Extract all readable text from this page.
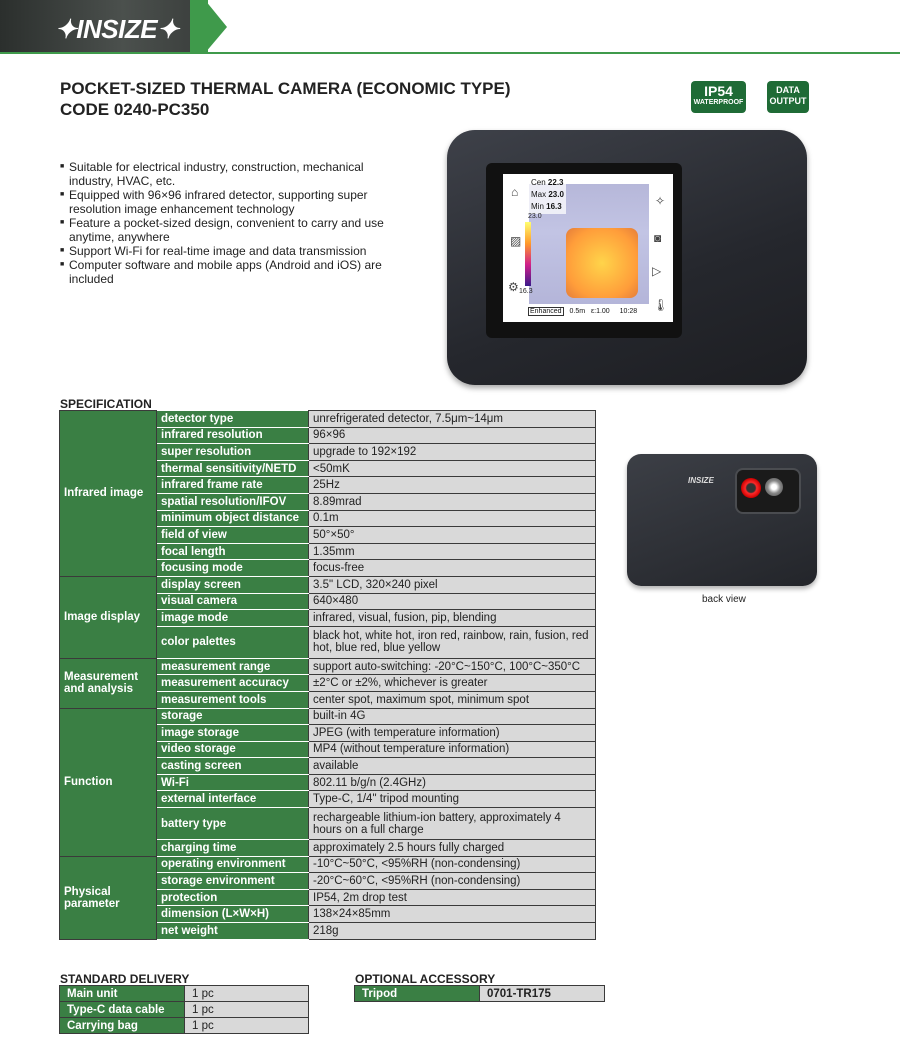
✦INSIZE✦
POCKET-SIZED THERMAL CAMERA (ECONOMIC TYPE)
CODE 0240-PC350
IP54
WATERPROOF
DATA
OUTPUT
■ Suitable for electrical industry, construction, mechanical industry, HVAC, etc.
■ Equipped with 96×96 infrared detector, supporting super resolution image enhancement technology
■ Feature a pocket-sized design, convenient to carry and use anytime, anywhere
■ Support Wi-Fi for real-time image and data transmission
■ Computer software and mobile apps (Android and iOS) are included
Cen 22.3
Max 23.0
Min 16.3
23.0
16.3
Enhanced 0.5m ε:1.00 10:28
⌂
▨
⚙
✧
◙
▷
🌡
INSIZE
back view
SPECIFICATION
Infrared image	detector type	unrefrigerated detector, 7.5μm~14μm
	infrared resolution	96×96
	super resolution	upgrade to 192×192
	thermal sensitivity/NETD	<50mK
	infrared frame rate	25Hz
	spatial resolution/IFOV	8.89mrad
	minimum object distance	0.1m
	field of view	50°×50°
	focal length	1.35mm
	focusing mode	focus-free
Image display	display screen	3.5" LCD, 320×240 pixel
	visual camera	640×480
	image mode	infrared, visual, fusion, pip, blending
	color palettes	black hot, white hot, iron red, rainbow, rain, fusion, red hot, blue red, blue yellow
Measurement and analysis	measurement range	support auto-switching: -20°C~150°C, 100°C~350°C
	measurement accuracy	±2°C or ±2%, whichever is greater
	measurement tools	center spot, maximum spot, minimum spot
Function	storage	built-in 4G
	image storage	JPEG (with temperature information)
	video storage	MP4 (without temperature information)
	casting screen	available
	Wi-Fi	802.11 b/g/n (2.4GHz)
	external interface	Type-C, 1/4" tripod mounting
	battery type	rechargeable lithium-ion battery, approximately 4 hours on a full charge
	charging time	approximately 2.5 hours fully charged
Physical parameter	operating environment	-10°C~50°C, <95%RH (non-condensing)
	storage environment	-20°C~60°C, <95%RH (non-condensing)
	protection	IP54, 2m drop test
	dimension (L×W×H)	138×24×85mm
	net weight	218g
STANDARD DELIVERY
Main unit	1 pc
Type-C data cable	1 pc
Carrying bag	1 pc
OPTIONAL ACCESSORY
Tripod	0701-TR175
